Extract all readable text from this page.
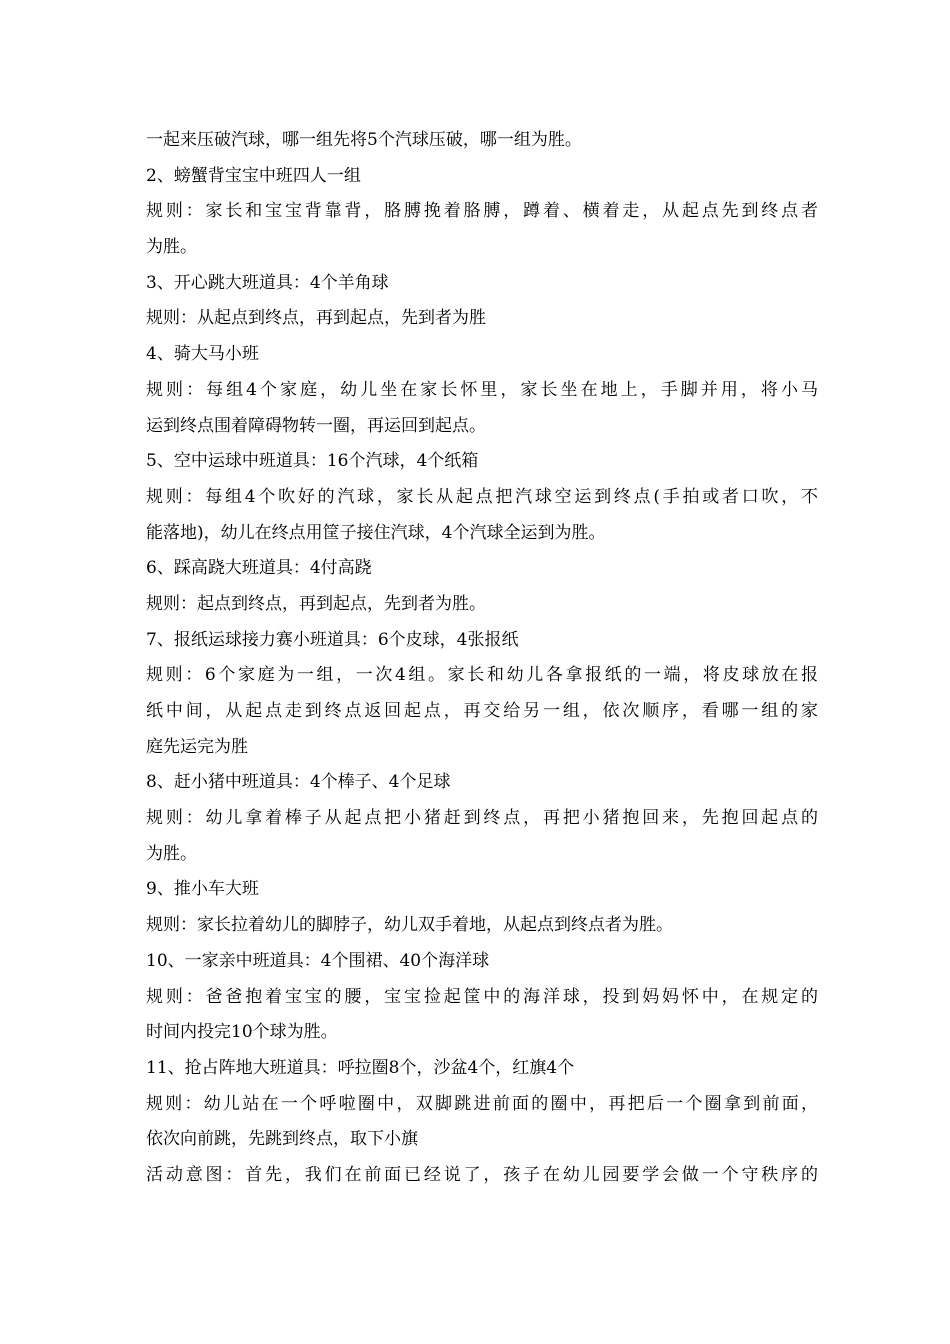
一起来压破汽球，哪一组先将5个汽球压破，哪一组为胜。
2、螃蟹背宝宝中班四人一组
规则：家长和宝宝背靠背，胳膊挽着胳膊，蹲着、横着走，从起点先到终点者
为胜。
3、开心跳大班道具：4个羊角球
规则：从起点到终点，再到起点，先到者为胜
4、骑大马小班
规则：每组4个家庭，幼儿坐在家长怀里，家长坐在地上，手脚并用，将小马
运到终点围着障碍物转一圈，再运回到起点。
5、空中运球中班道具：16个汽球，4个纸箱
规则：每组4个吹好的汽球，家长从起点把汽球空运到终点(手拍或者口吹，不
能落地)，幼儿在终点用筐子接住汽球，4个汽球全运到为胜。
6、踩高跷大班道具：4付高跷
规则：起点到终点，再到起点，先到者为胜。
7、报纸运球接力赛小班道具：6个皮球，4张报纸
规则：6个家庭为一组，一次4组。家长和幼儿各拿报纸的一端，将皮球放在报
纸中间，从起点走到终点返回起点，再交给另一组，依次顺序，看哪一组的家
庭先运完为胜
8、赶小猪中班道具：4个棒子、4个足球
规则：幼儿拿着棒子从起点把小猪赶到终点，再把小猪抱回来，先抱回起点的
为胜。
9、推小车大班
规则：家长拉着幼儿的脚脖子，幼儿双手着地，从起点到终点者为胜。
10、一家亲中班道具：4个围裙、40个海洋球
规则：爸爸抱着宝宝的腰，宝宝捡起筐中的海洋球，投到妈妈怀中，在规定的
时间内投完10个球为胜。
11、抢占阵地大班道具：呼拉圈8个，沙盆4个，红旗4个
规则：幼儿站在一个呼啦圈中，双脚跳进前面的圈中，再把后一个圈拿到前面，
依次向前跳，先跳到终点，取下小旗
活动意图：首先，我们在前面已经说了，孩子在幼儿园要学会做一个守秩序的
